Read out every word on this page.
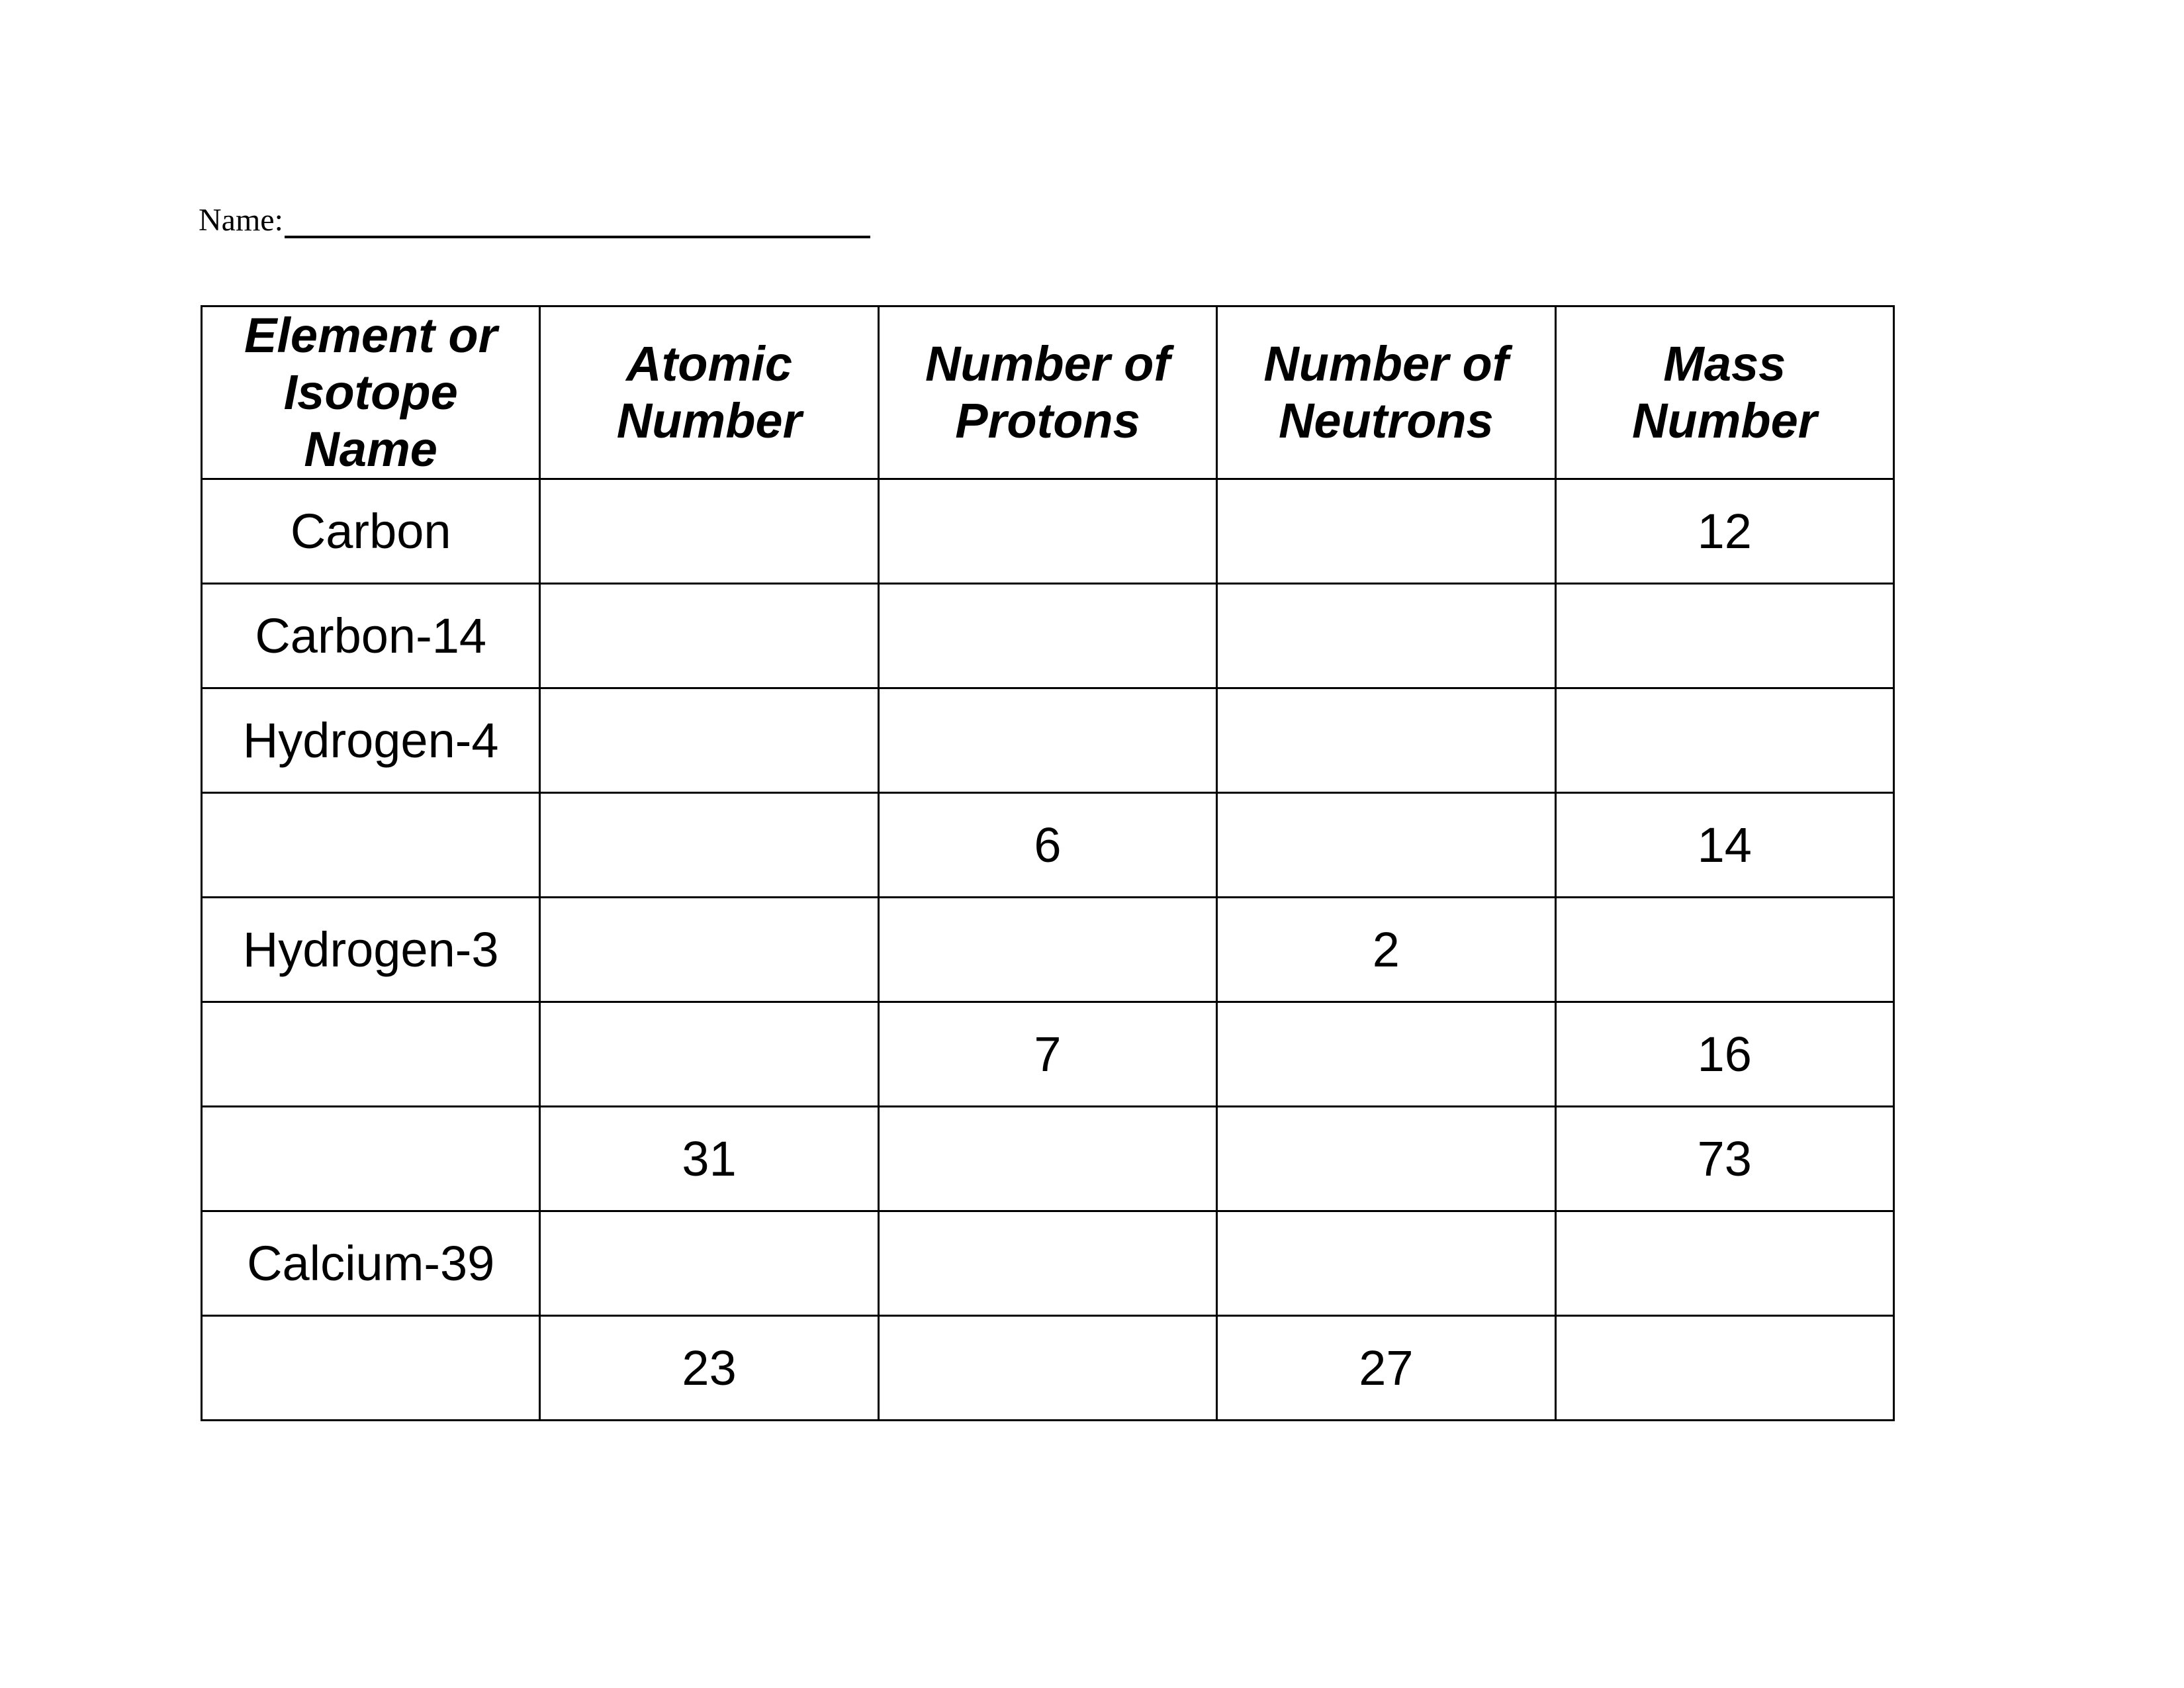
Name:
Element or Isotope Name	Atomic Number	Number of Protons	Number of Neutrons	Mass Number
Carbon				12
Carbon-14				
Hydrogen-4				
		6		14
Hydrogen-3			2	
		7		16
	31			73
Calcium-39				
	23		27	
